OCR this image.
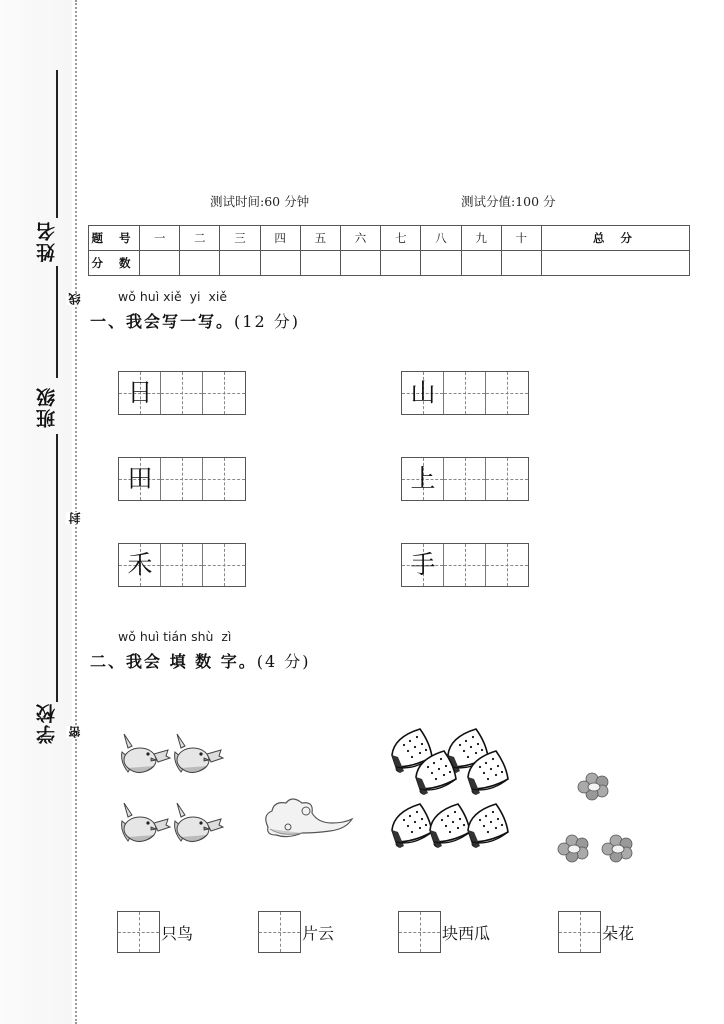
姓名
班级
学校
线
封
密
测试时间:60 分钟	测试分值:100 分
题 号	一	二	三	四	五	六	七	八	九	十	总 分
分 数											
wǒ huì xiě  yi  xiě
一、我会写一写。(12 分)
日	山
田	上
禾	手
wǒ huì tián shù  zì
二、我会 填 数 字。(4 分)
只鸟	片云	块西瓜	朵花
